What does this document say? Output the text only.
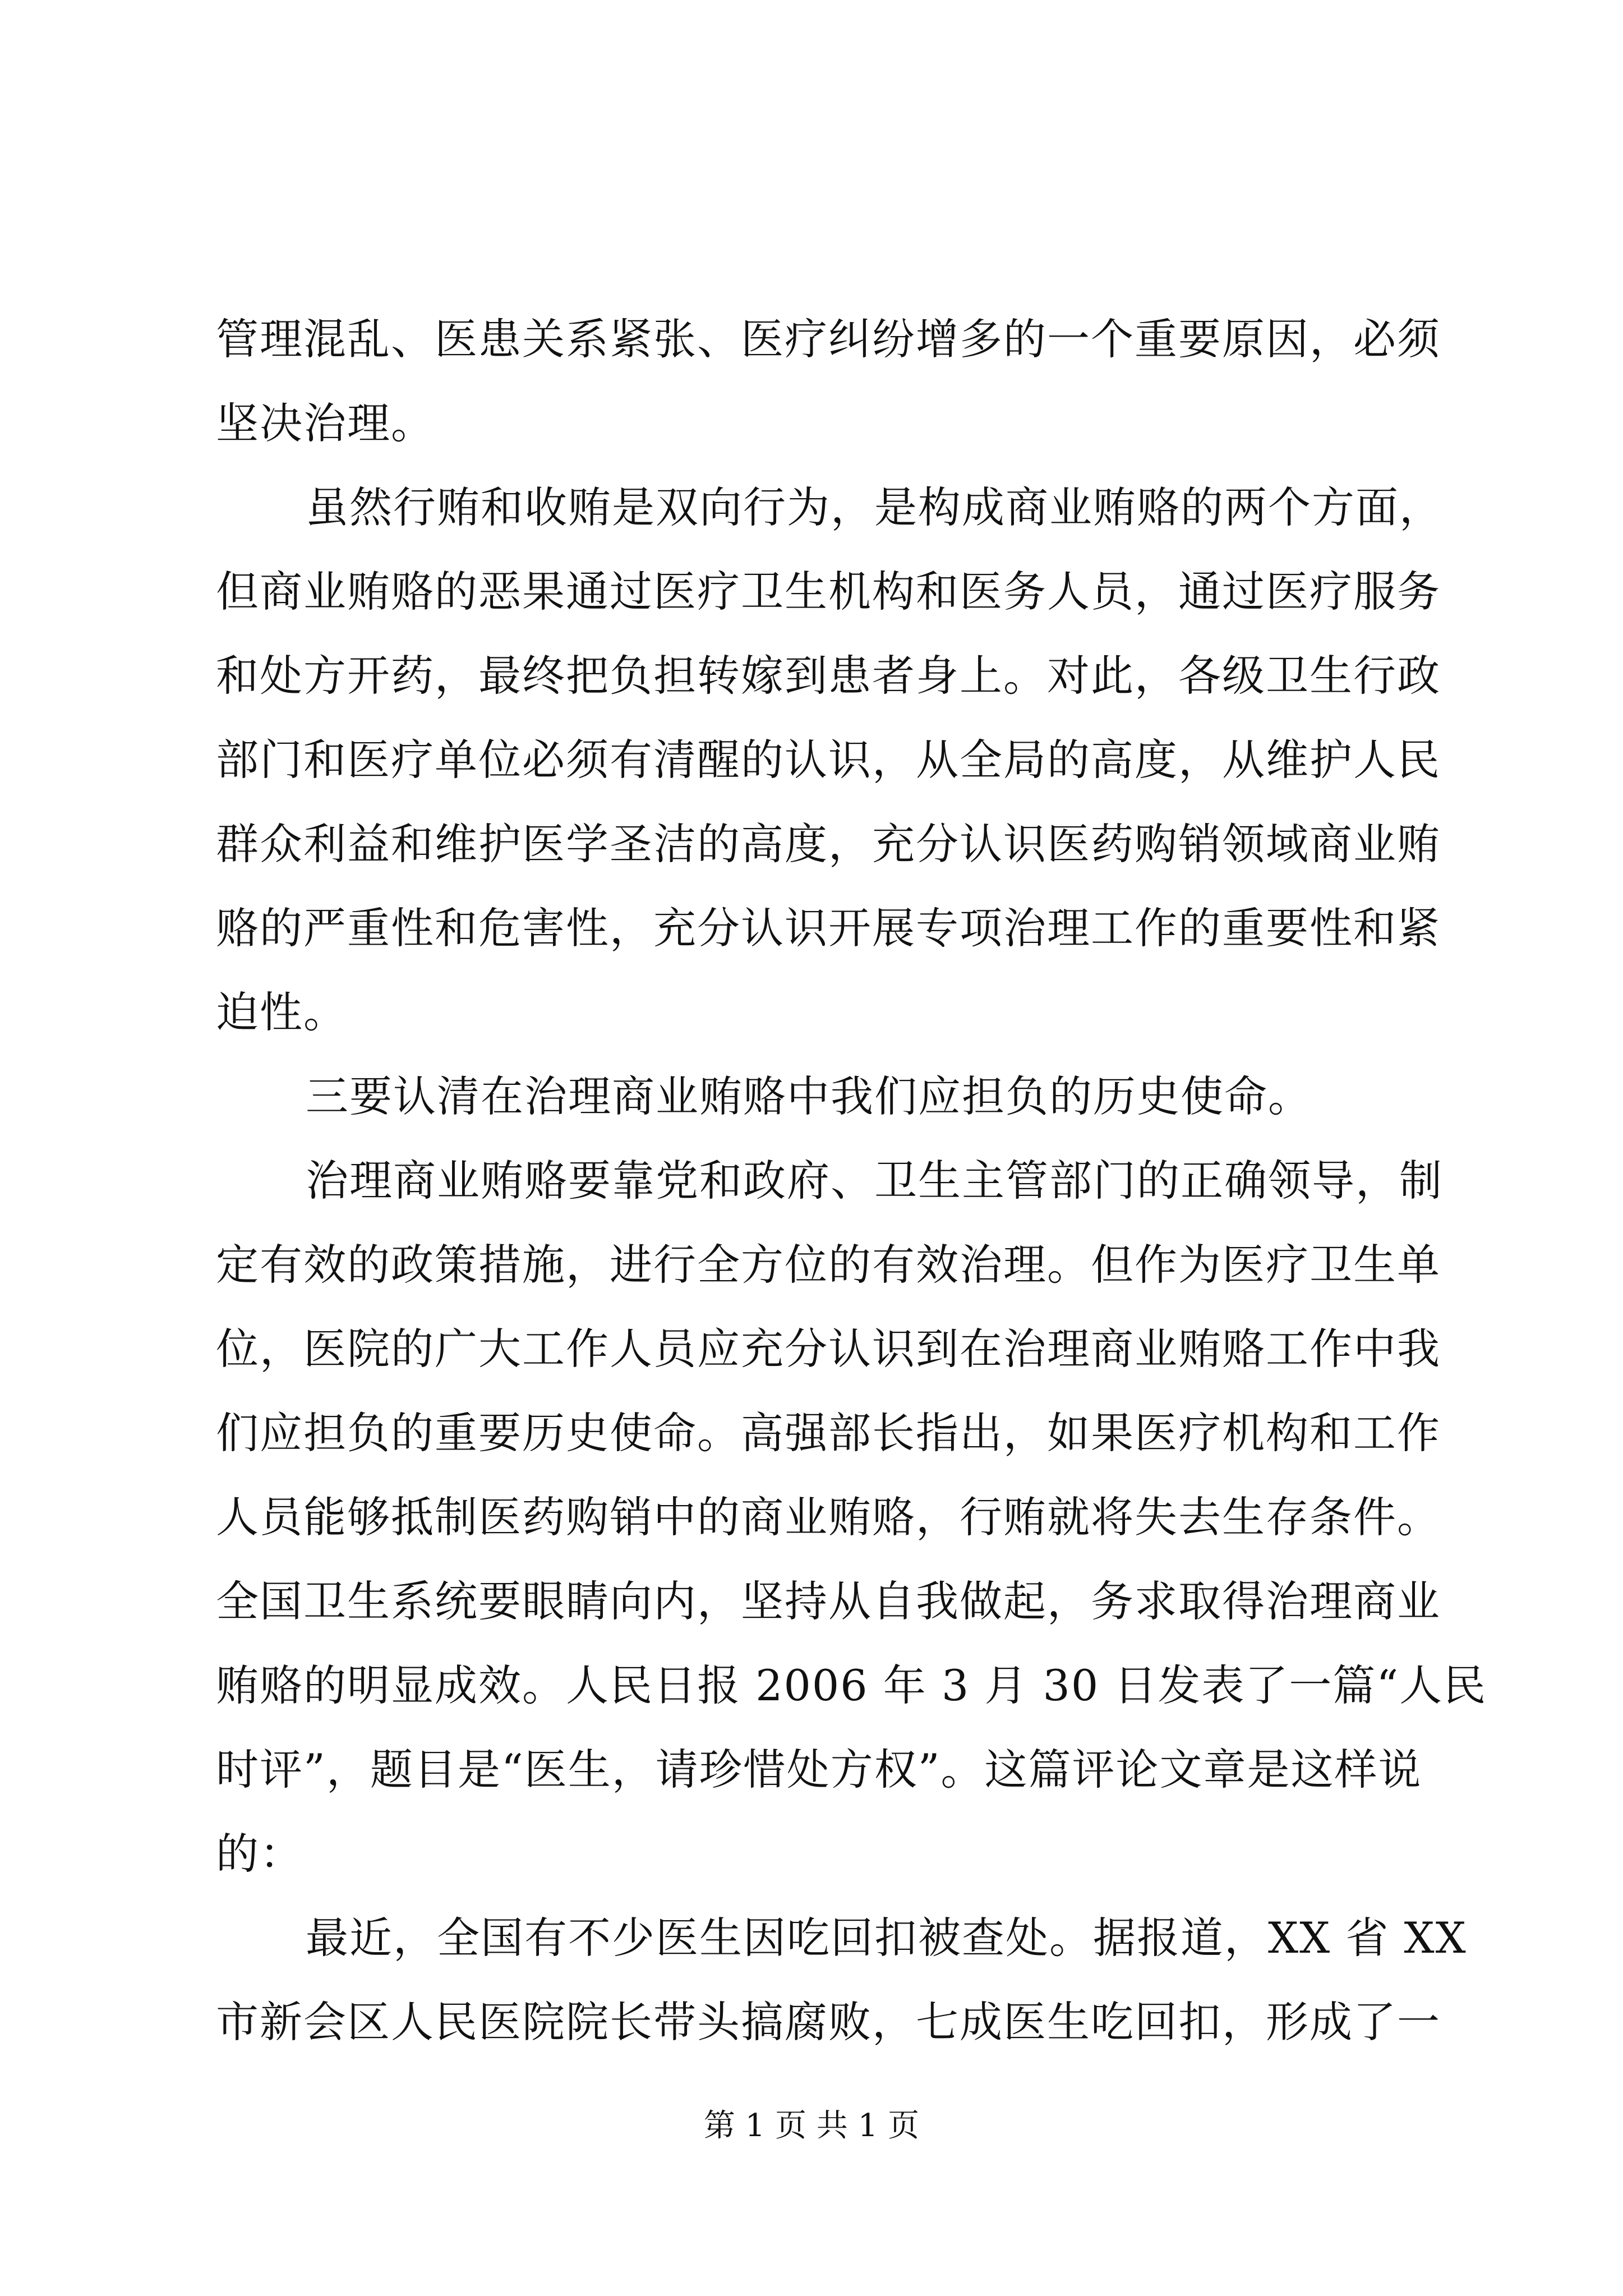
管理混乱、医患关系紧张、医疗纠纷增多的一个重要原因，必须
坚决治理。
虽然行贿和收贿是双向行为，是构成商业贿赂的两个方面，
但商业贿赂的恶果通过医疗卫生机构和医务人员，通过医疗服务
和处方开药，最终把负担转嫁到患者身上。对此，各级卫生行政
部门和医疗单位必须有清醒的认识，从全局的高度，从维护人民
群众利益和维护医学圣洁的高度，充分认识医药购销领域商业贿
赂的严重性和危害性，充分认识开展专项治理工作的重要性和紧
迫性。
三要认清在治理商业贿赂中我们应担负的历史使命。
治理商业贿赂要靠党和政府、卫生主管部门的正确领导，制
定有效的政策措施，进行全方位的有效治理。但作为医疗卫生单
位，医院的广大工作人员应充分认识到在治理商业贿赂工作中我
们应担负的重要历史使命。高强部长指出，如果医疗机构和工作
人员能够抵制医药购销中的商业贿赂，行贿就将失去生存条件。
全国卫生系统要眼睛向内，坚持从自我做起，务求取得治理商业
贿赂的明显成效。人民日报 2006 年 3 月 30 日发表了一篇“人民
时评”，题目是“医生，请珍惜处方权”。这篇评论文章是这样说
的：
最近，全国有不少医生因吃回扣被查处。据报道，XX 省 XX
市新会区人民医院院长带头搞腐败，七成医生吃回扣，形成了一
第 1 页 共 1 页
